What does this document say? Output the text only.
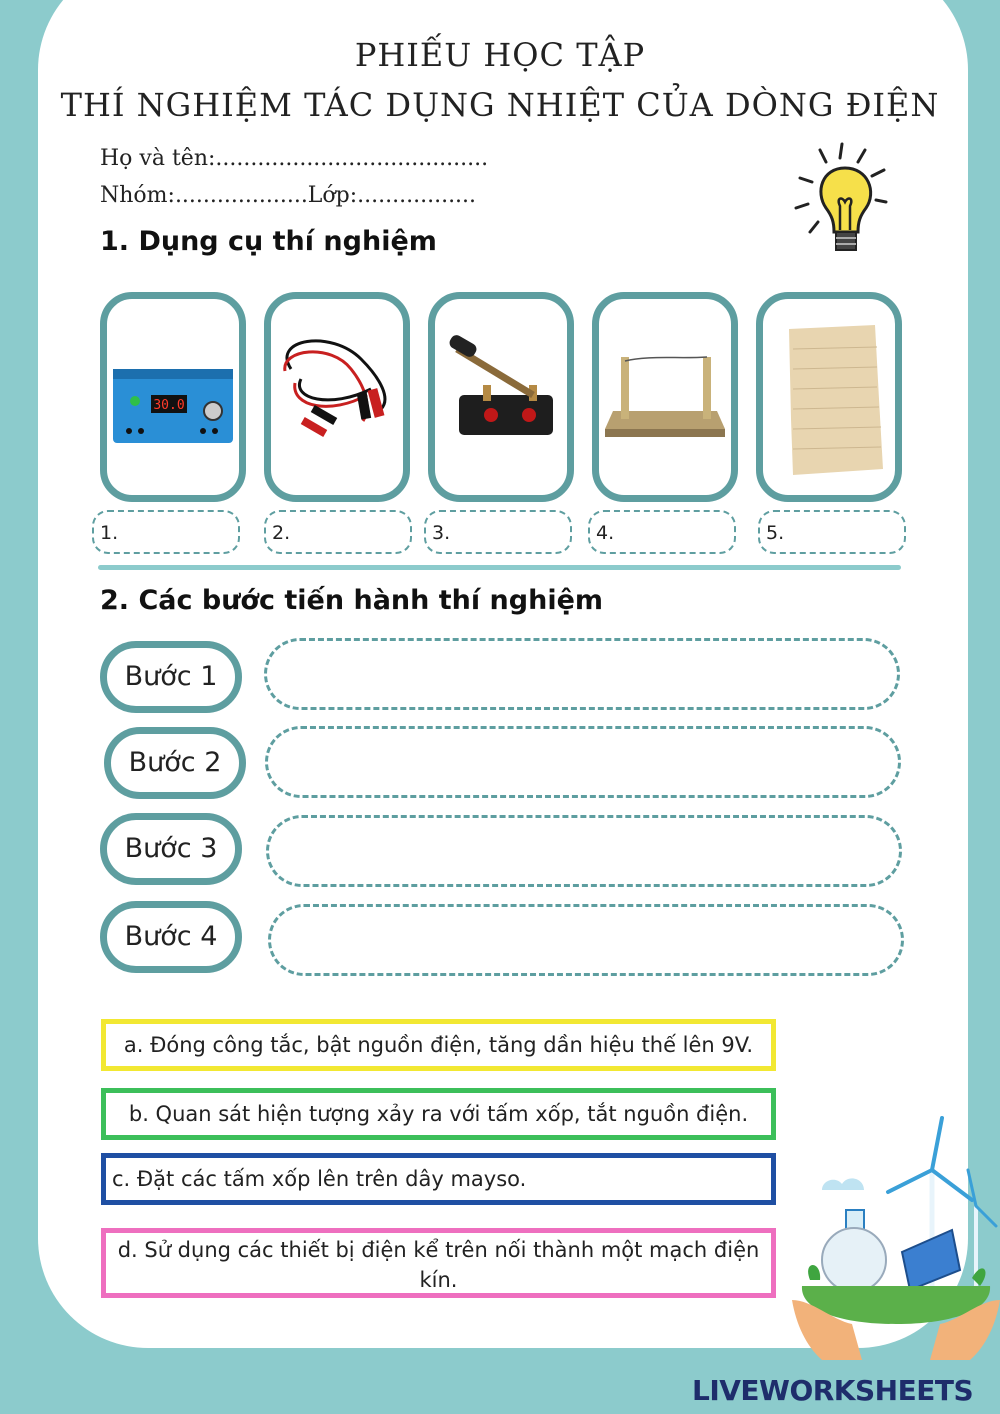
PHIẾU HỌC TẬP
THÍ NGHIỆM TÁC DỤNG NHIỆT CỦA DÒNG ĐIỆN
Họ và tên:.......................................
Nhóm:...................Lớp:.................
1. Dụng cụ thí nghiệm
30.0
1.	2.	3.	4.	5.
2. Các bước tiến hành thí nghiệm
Bước 1
Bước 2
Bước 3
Bước 4
a. Đóng công tắc, bật nguồn điện, tăng dần hiệu thế lên 9V.
b. Quan sát hiện tượng xảy ra với tấm xốp, tắt nguồn điện.
c. Đặt các tấm xốp lên trên dây mayso.
d. Sử dụng các thiết bị điện kể trên nối thành một mạch điện kín.
LIVEWORKSHEETS
